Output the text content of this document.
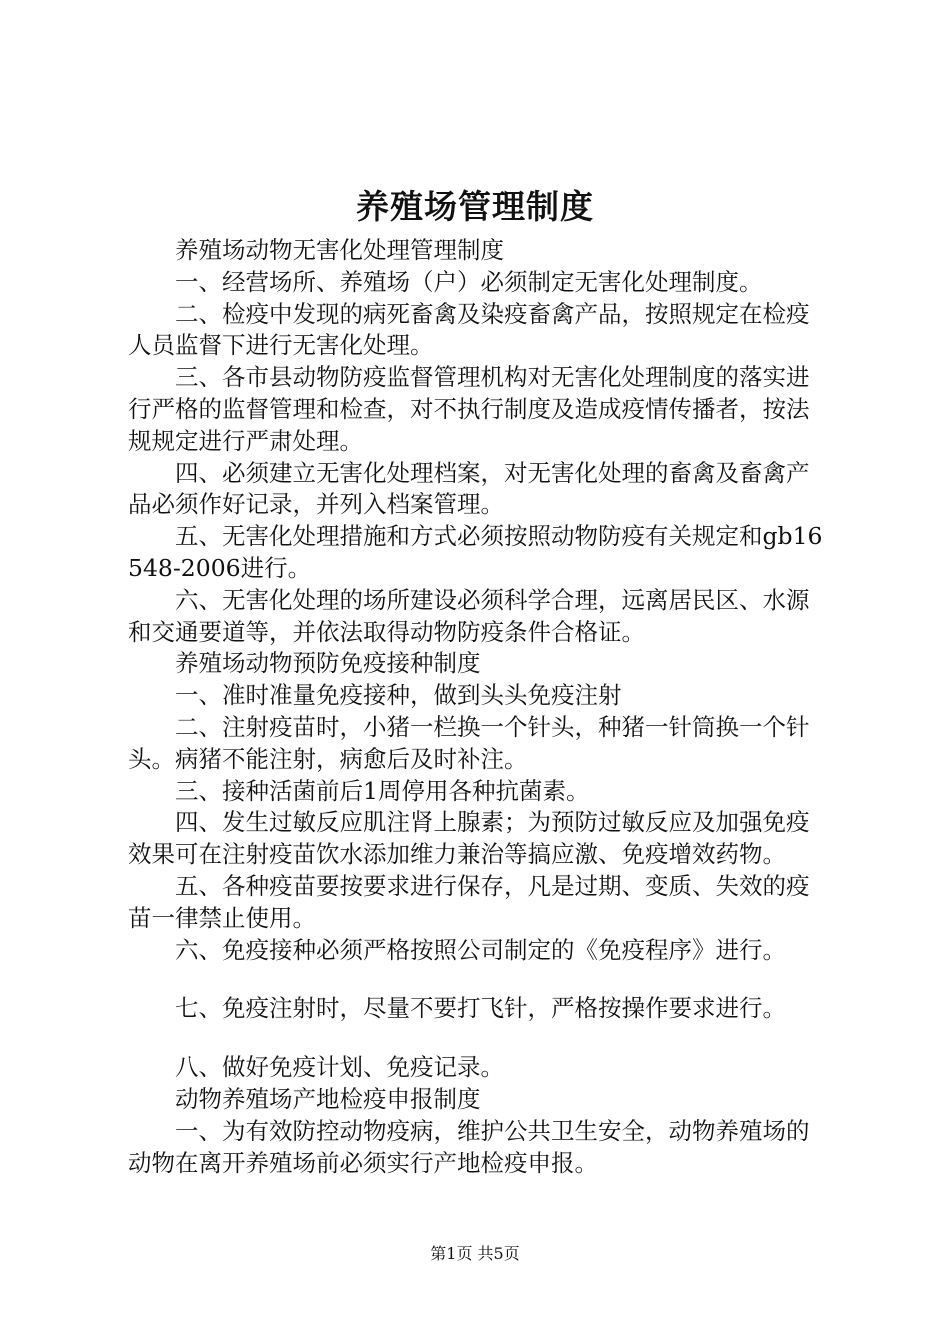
养殖场管理制度

养殖场动物无害化处理管理制度

一、经营场所、养殖场（户）必须制定无害化处理制度。

二、检疫中发现的病死畜禽及染疫畜禽产品，按照规定在检疫人员监督下进行无害化处理。

三、各市县动物防疫监督管理机构对无害化处理制度的落实进行严格的监督管理和检查，对不执行制度及造成疫情传播者，按法规规定进行严肃处理。

四、必须建立无害化处理档案，对无害化处理的畜禽及畜禽产品必须作好记录，并列入档案管理。

五、无害化处理措施和方式必须按照动物防疫有关规定和gb16548-2006进行。

六、无害化处理的场所建设必须科学合理，远离居民区、水源和交通要道等，并依法取得动物防疫条件合格证。

养殖场动物预防免疫接种制度

一、准时准量免疫接种，做到头头免疫注射

二、注射疫苗时，小猪一栏换一个针头，种猪一针筒换一个针头。病猪不能注射，病愈后及时补注。

三、接种活菌前后1周停用各种抗菌素。

四、发生过敏反应肌注肾上腺素；为预防过敏反应及加强免疫效果可在注射疫苗饮水添加维力兼治等搞应激、免疫增效药物。

五、各种疫苗要按要求进行保存，凡是过期、变质、失效的疫苗一律禁止使用。

六、免疫接种必须严格按照公司制定的《免疫程序》进行。

七、免疫注射时，尽量不要打飞针，严格按操作要求进行。

八、做好免疫计划、免疫记录。

动物养殖场产地检疫申报制度

一、为有效防控动物疫病，维护公共卫生安全，动物养殖场的动物在离开养殖场前必须实行产地检疫申报。

第1页 共5页
